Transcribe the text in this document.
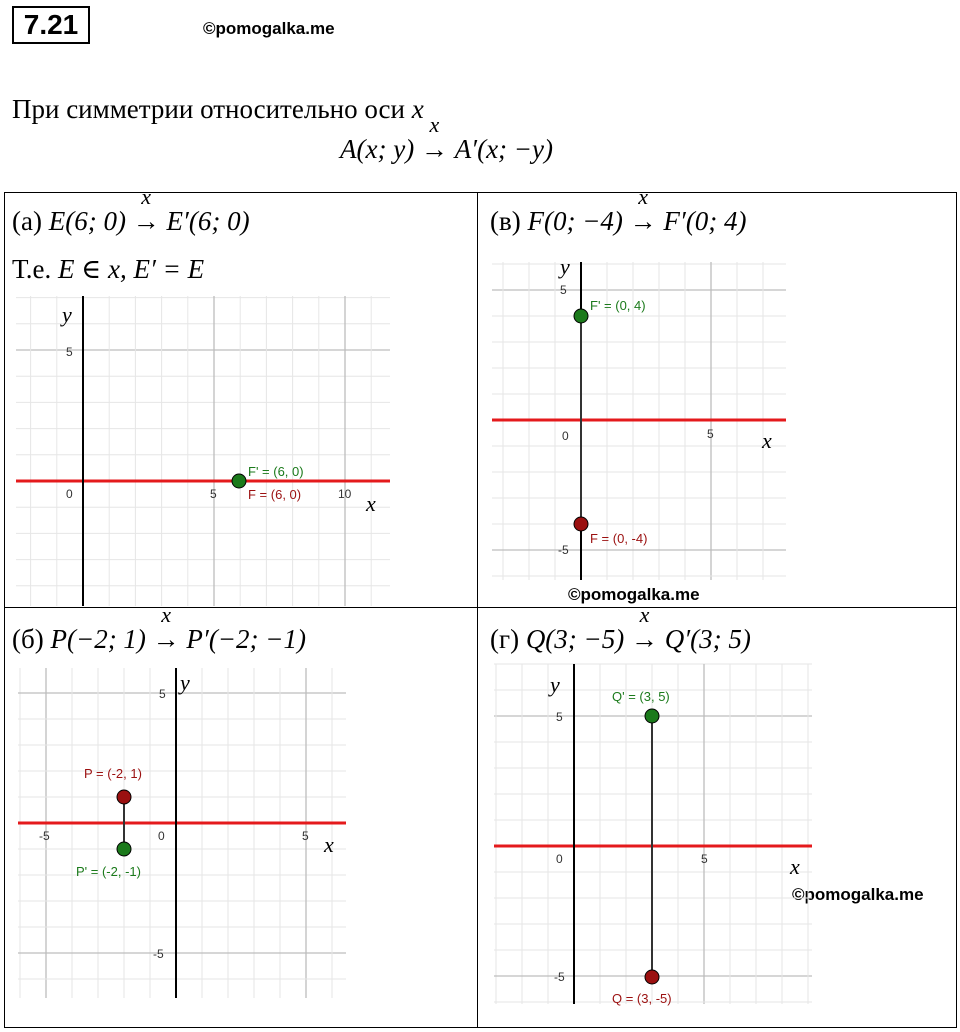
7.21	©pomogalka.me
При симметрии относительно оси x
A(x; y)
x
→ A′(x; −y)
(а) E(6; 0)
x
→ E′(6; 0)
Т.е. E ∈ x, E′ = E
(в) F(0; −4)
x
→ F′(0; 4)
(б) P(−2; 1)
x
→ P′(−2; −1)	(г) Q(3; −5)
x
→ Q′(3; 5)
©pomogalka.me
©pomogalka.me
y
x
5
0	5	10
F' = (6, 0)
F = (6, 0)
y
x
5
0	5
-5
F' = (0, 4)
F = (0, -4)
y
x
5
0
-5	5
-5
P = (-2, 1)
P' = (-2, -1)
y
x
5
0	5
-5
Q' = (3, 5)
Q = (3, -5)
